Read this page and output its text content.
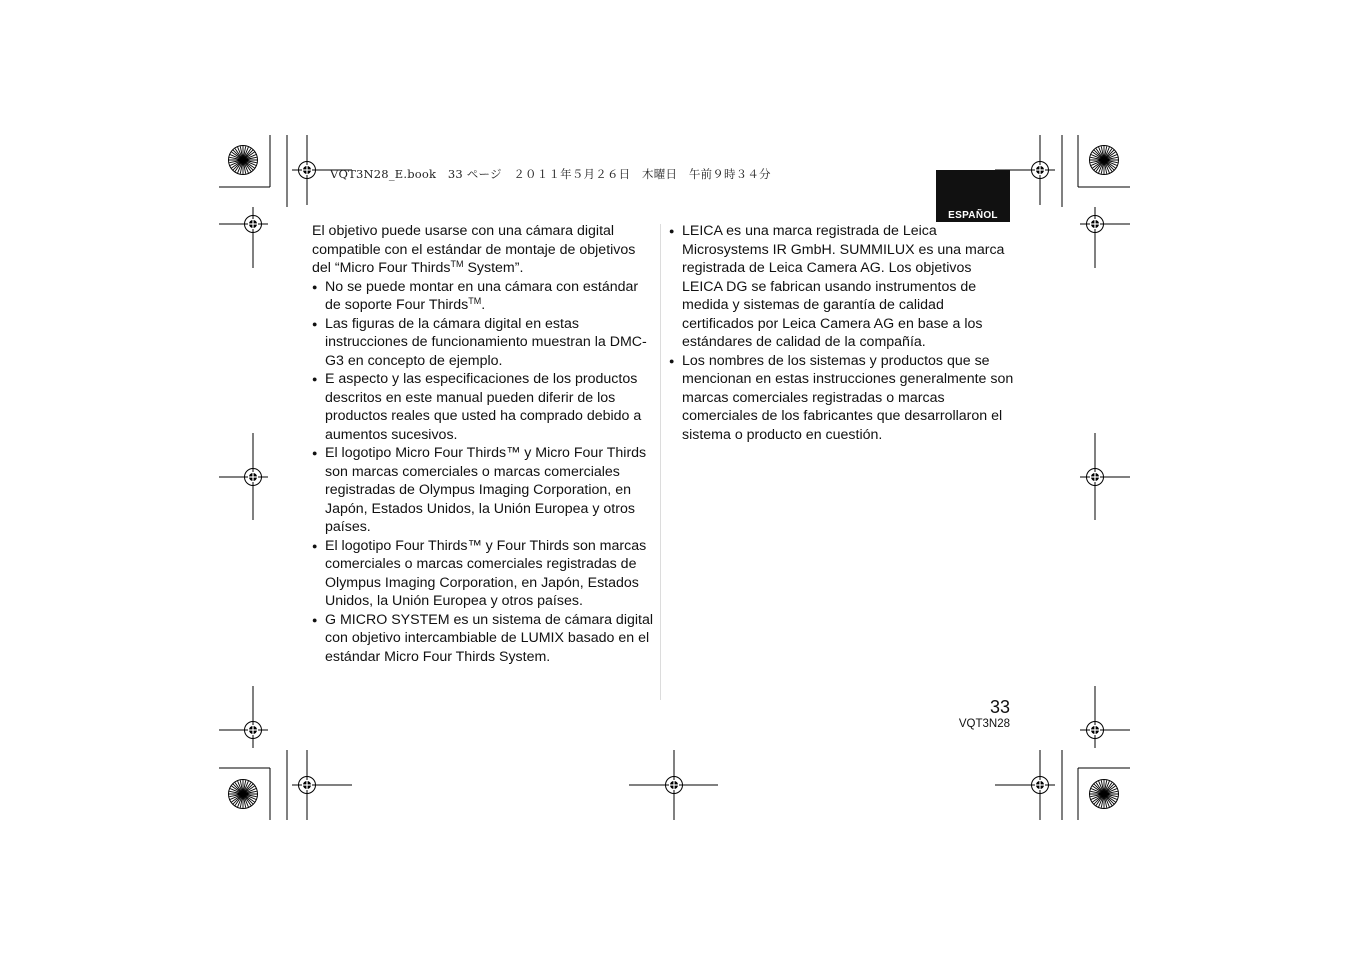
VQT3N28_E.book　33 ページ　２０１１年５月２６日　木曜日　午前９時３４分
ESPAÑOL

El objetivo puede usarse con una cámara digital compatible con el estándar de montaje de objetivos del “Micro Four Thirds™ System”.

● No se puede montar en una cámara con estándar de soporte Four Thirds™.
● Las figuras de la cámara digital en estas instrucciones de funcionamiento muestran la DMC-G3 en concepto de ejemplo.
● E aspecto y las especificaciones de los productos descritos en este manual pueden diferir de los productos reales que usted ha comprado debido a aumentos sucesivos.
● El logotipo Micro Four Thirds™ y Micro Four Thirds son marcas comerciales o marcas comerciales registradas de Olympus Imaging Corporation, en Japón, Estados Unidos, la Unión Europea y otros países.
● El logotipo Four Thirds™ y Four Thirds son marcas comerciales o marcas comerciales registradas de Olympus Imaging Corporation, en Japón, Estados Unidos, la Unión Europea y otros países.
● G MICRO SYSTEM es un sistema de cámara digital con objetivo intercambiable de LUMIX basado en el estándar Micro Four Thirds System.
● LEICA es una marca registrada de Leica Microsystems IR GmbH. SUMMILUX es una marca registrada de Leica Camera AG. Los objetivos LEICA DG se fabrican usando instrumentos de medida y sistemas de garantía de calidad certificados por Leica Camera AG en base a los estándares de calidad de la compañía.
● Los nombres de los sistemas y productos que se mencionan en estas instrucciones generalmente son marcas comerciales registradas o marcas comerciales de los fabricantes que desarrollaron el sistema o producto en cuestión.
33
VQT3N28
